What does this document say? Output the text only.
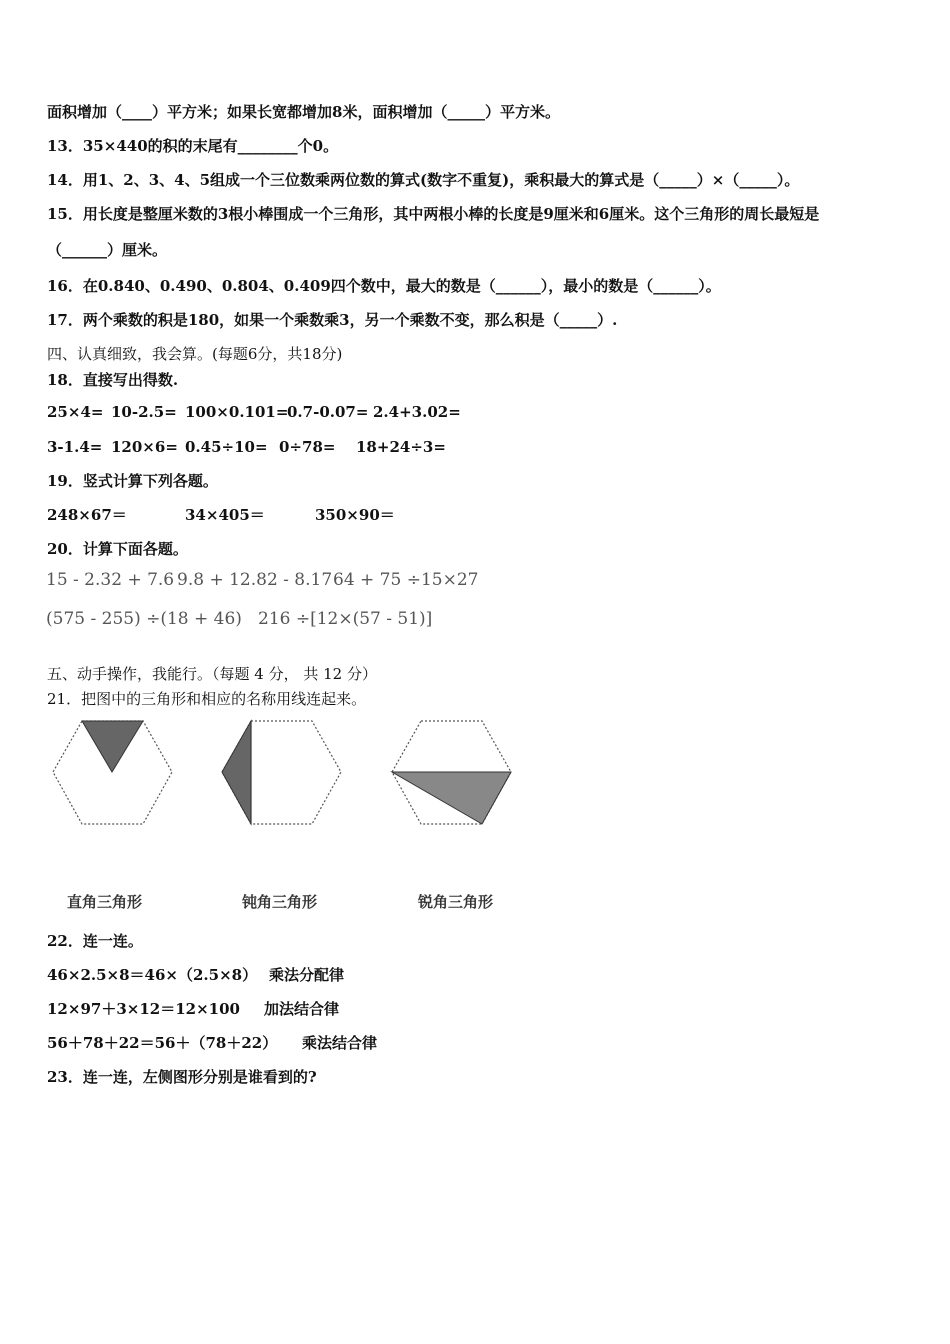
面积增加（____）平方米；如果长宽都增加8米，面积增加（_____）平方米。
13．35×440的积的末尾有________个0。
14．用1、2、3、4、5组成一个三位数乘两位数的算式(数字不重复)，乘积最大的算式是（_____）×（_____）。
15．用长度是整厘米数的3根小棒围成一个三角形，其中两根小棒的长度是9厘米和6厘米。这个三角形的周长最短是
（______）厘米。
16．在0.840、0.490、0.804、0.409四个数中，最大的数是（______），最小的数是（______）。
17．两个乘数的积是180，如果一个乘数乘3，另一个乘数不变，那么积是（_____）.
四、认真细致，我会算。(每题6分，共18分)
18．直接写出得数.
25×4= 10-2.5= 100×0.101=
0.7-0.07= 2.4+3.02=
3-1.4= 120×6= 0.45÷10= 0÷78= 18+24÷3=
19．竖式计算下列各题。
248×67＝	34×405＝	350×90＝
20．计算下面各题。
15 - 2.32 + 7.6 9.8 + 12.82 - 8.17 64 + 75 ÷15×27
(575 - 255) ÷(18 + 46) 216 ÷[12×(57 - 51)]
五、动手操作，我能行。（每题 4 分， 共 12 分）
21．把图中的三角形和相应的名称用线连起来。
直角三角形	钝角三角形	锐角三角形
22．连一连。
46×2.5×8＝46×（2.5×8） 乘法分配律
12×97＋3×12＝12×100 加法结合律
56＋78＋22＝56＋（78＋22） 乘法结合律
23．连一连，左侧图形分别是谁看到的?
